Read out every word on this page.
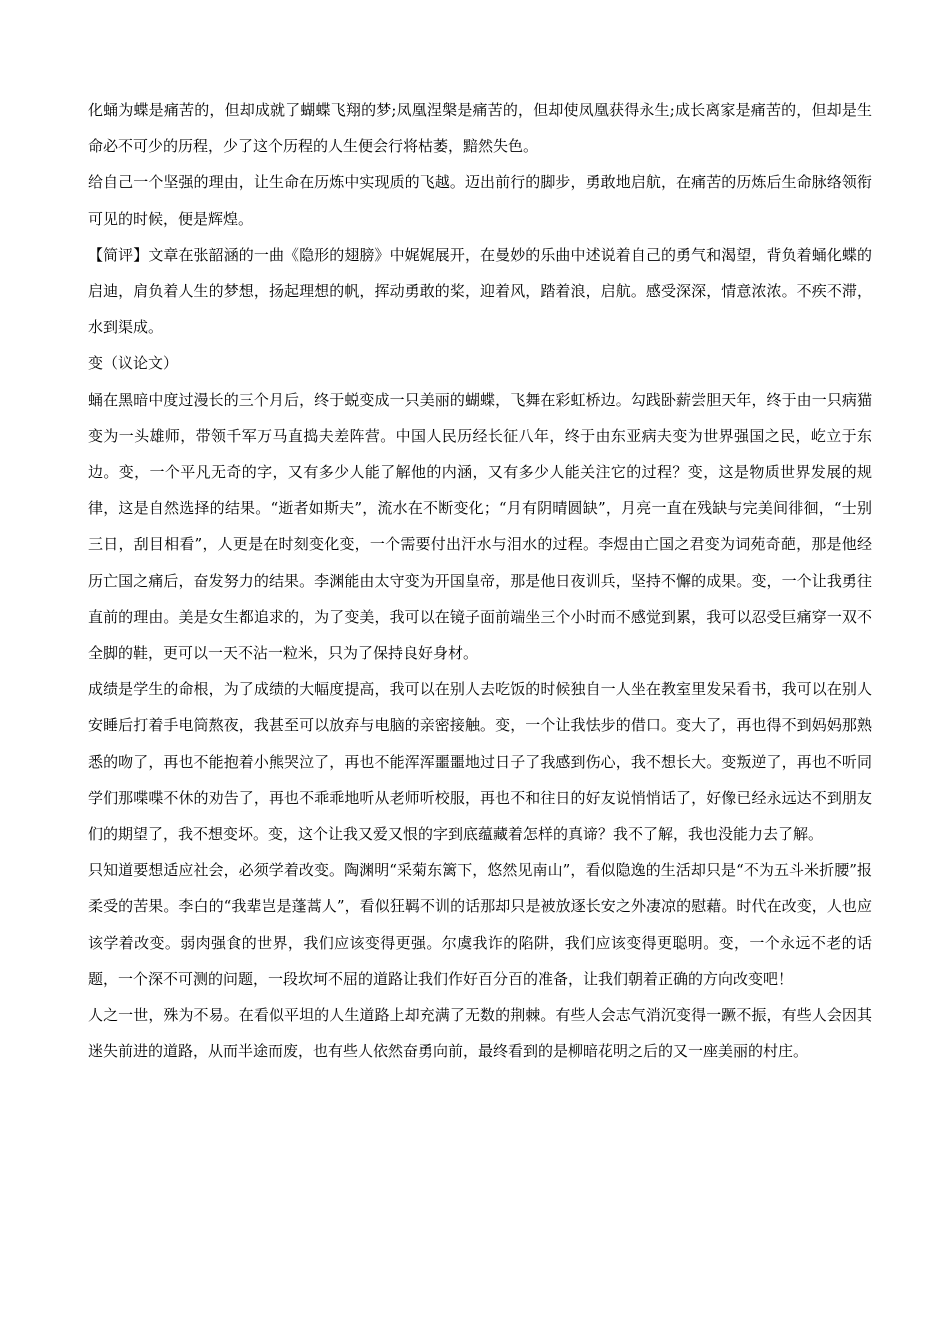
化蛹为蝶是痛苦的，但却成就了蝴蝶飞翔的梦;凤凰涅槃是痛苦的，但却使凤凰获得永生;成长离家是痛苦的，但却是生命必不可少的历程，少了这个历程的人生便会行将枯萎，黯然失色。

给自己一个坚强的理由，让生命在历炼中实现质的飞越。迈出前行的脚步，勇敢地启航，在痛苦的历炼后生命脉络领衔可见的时候，便是辉煌。

【简评】文章在张韶涵的一曲《隐形的翅膀》中娓娓展开，在曼妙的乐曲中述说着自己的勇气和渴望，背负着蛹化蝶的启迪，肩负着人生的梦想，扬起理想的帆，挥动勇敢的桨，迎着风，踏着浪，启航。感受深深，情意浓浓。不疾不滞，水到渠成。

变（议论文）

蛹在黑暗中度过漫长的三个月后，终于蜕变成一只美丽的蝴蝶，飞舞在彩虹桥边。勾践卧薪尝胆天年，终于由一只病猫变为一头雄师，带领千军万马直捣夫差阵营。中国人民历经长征八年，终于由东亚病夫变为世界强国之民，屹立于东边。变，一个平凡无奇的字，又有多少人能了解他的内涵，又有多少人能关注它的过程？变，这是物质世界发展的规律，这是自然选择的结果。“逝者如斯夫”，流水在不断变化；“月有阴晴圆缺”，月亮一直在残缺与完美间徘徊，“士别三日，刮目相看”，人更是在时刻变化变，一个需要付出汗水与泪水的过程。李煜由亡国之君变为词苑奇葩，那是他经历亡国之痛后，奋发努力的结果。李渊能由太守变为开国皇帝，那是他日夜训兵，坚持不懈的成果。变，一个让我勇往直前的理由。美是女生都追求的，为了变美，我可以在镜子面前端坐三个小时而不感觉到累，我可以忍受巨痛穿一双不全脚的鞋，更可以一天不沾一粒米，只为了保持良好身材。

成绩是学生的命根，为了成绩的大幅度提高，我可以在别人去吃饭的时候独自一人坐在教室里发呆看书，我可以在别人安睡后打着手电筒熬夜，我甚至可以放弃与电脑的亲密接触。变，一个让我怯步的借口。变大了，再也得不到妈妈那熟悉的吻了，再也不能抱着小熊哭泣了，再也不能浑浑噩噩地过日子了我感到伤心，我不想长大。变叛逆了，再也不听同学们那喋喋不休的劝告了，再也不乖乖地听从老师听校服，再也不和往日的好友说悄悄话了，好像已经永远达不到朋友们的期望了，我不想变坏。变，这个让我又爱又恨的字到底蕴藏着怎样的真谛？我不了解，我也没能力去了解。

只知道要想适应社会，必须学着改变。陶渊明“采菊东篱下，悠然见南山”，看似隐逸的生活却只是“不为五斗米折腰”报柔受的苦果。李白的“我辈岂是蓬蒿人”，看似狂羁不训的话那却只是被放逐长安之外凄凉的慰藉。时代在改变，人也应该学着改变。弱肉强食的世界，我们应该变得更强。尔虞我诈的陷阱，我们应该变得更聪明。变，一个永远不老的话题，一个深不可测的问题，一段坎坷不屈的道路让我们作好百分百的准备，让我们朝着正确的方向改变吧！

人之一世，殊为不易。在看似平坦的人生道路上却充满了无数的荆棘。有些人会志气消沉变得一蹶不振，有些人会因其迷失前进的道路，从而半途而废，也有些人依然奋勇向前，最终看到的是柳暗花明之后的又一座美丽的村庄。
